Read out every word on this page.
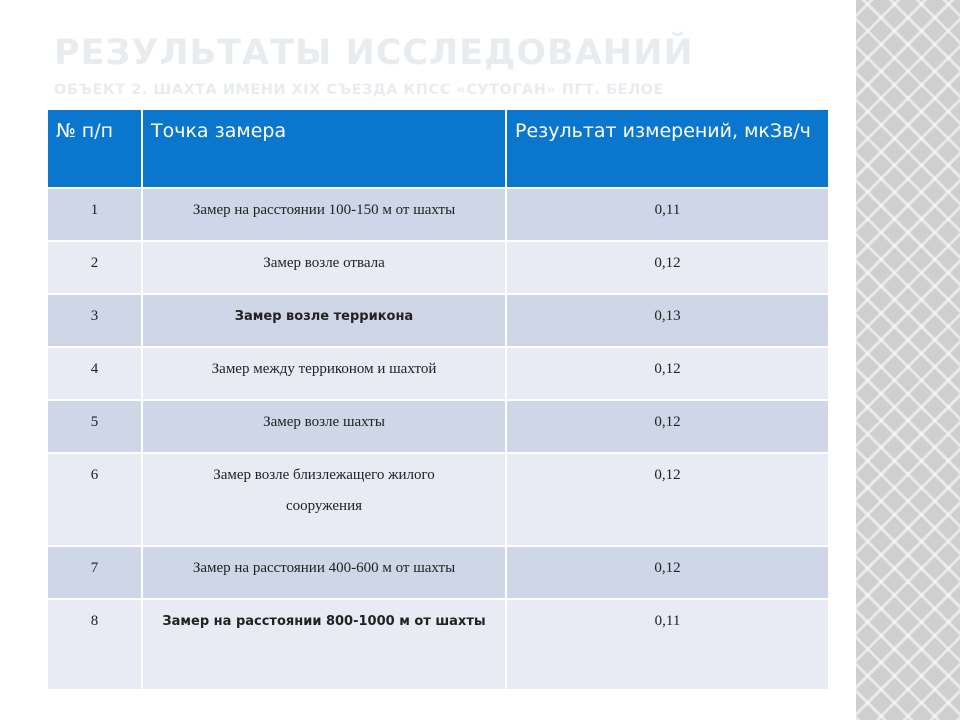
РЕЗУЛЬТАТЫ ИССЛЕДОВАНИЙ
ОБЪЕКТ 2. ШАХТА ИМЕНИ XIX СЪЕЗДА КПСС «СУТОГАН» ПГТ. БЕЛОЕ
№ п/п	Точка замера	Результат измерений, мкЗв/ч
1	Замер на расстоянии 100-150 м от шахты	0,11
2	Замер возле отвала	0,12
3	Замер возле террикона	0,13
4	Замер между терриконом и шахтой	0,12
5	Замер возле шахты	0,12
6	Замер возле близлежащего жилого сооружения	0,12
7	Замер на расстоянии 400-600 м от шахты	0,12
8	Замер на расстоянии 800-1000 м от шахты	0,11
